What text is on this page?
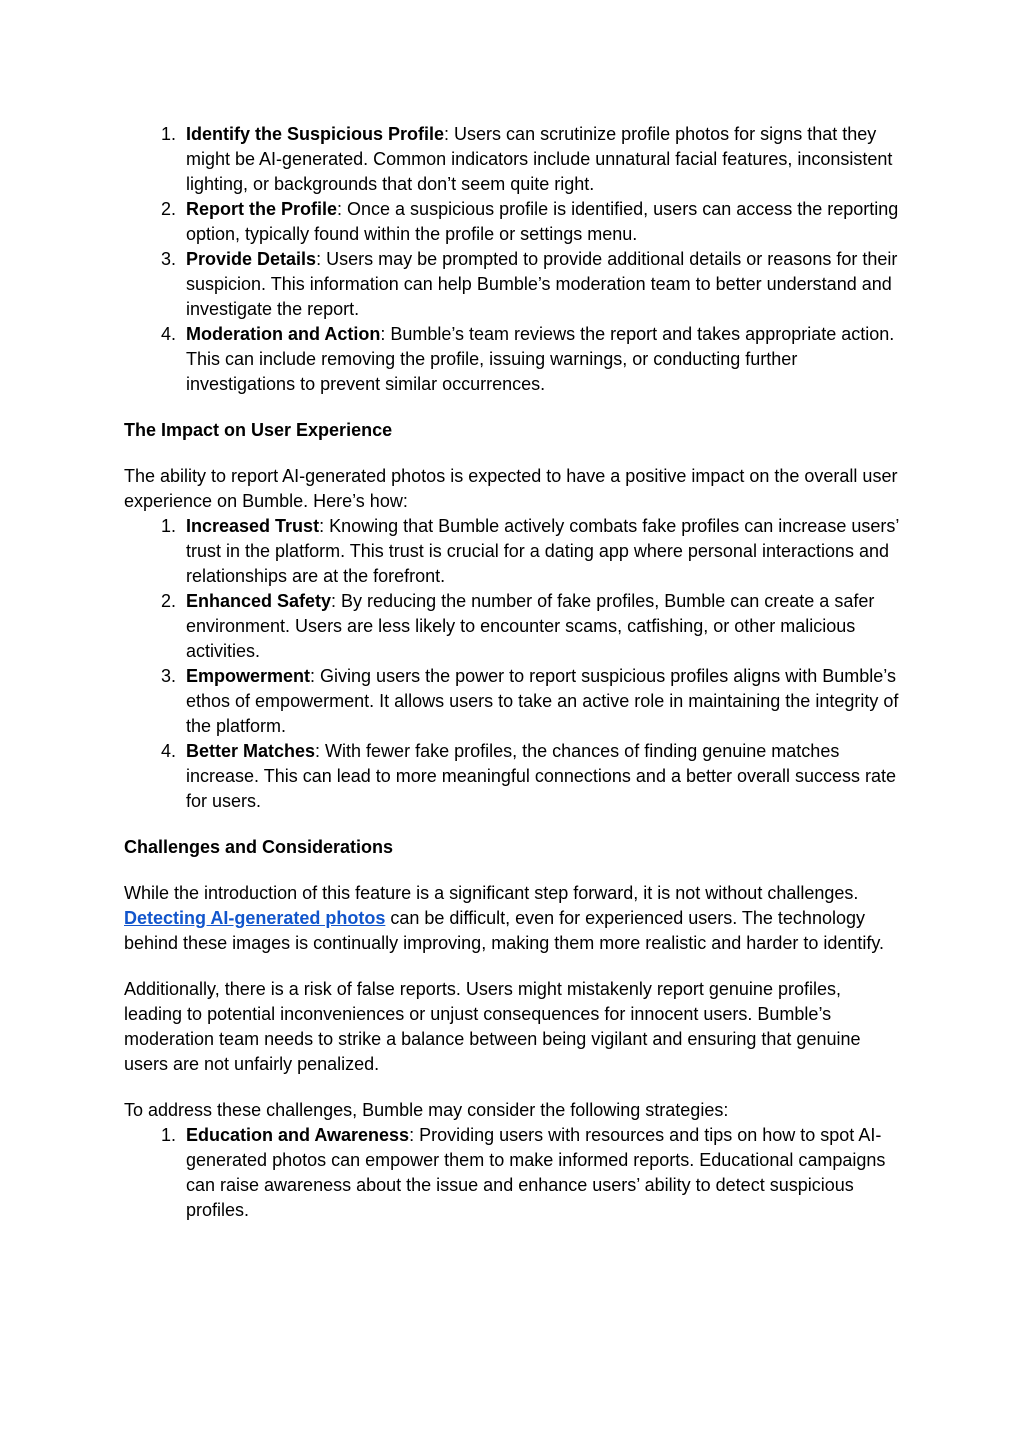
1. Identify the Suspicious Profile: Users can scrutinize profile photos for signs that they might be AI-generated. Common indicators include unnatural facial features, inconsistent lighting, or backgrounds that don’t seem quite right.
2. Report the Profile: Once a suspicious profile is identified, users can access the reporting option, typically found within the profile or settings menu.
3. Provide Details: Users may be prompted to provide additional details or reasons for their suspicion. This information can help Bumble’s moderation team to better understand and investigate the report.
4. Moderation and Action: Bumble’s team reviews the report and takes appropriate action. This can include removing the profile, issuing warnings, or conducting further investigations to prevent similar occurrences.

The Impact on User Experience

The ability to report AI-generated photos is expected to have a positive impact on the overall user experience on Bumble. Here’s how:

1. Increased Trust: Knowing that Bumble actively combats fake profiles can increase users’ trust in the platform. This trust is crucial for a dating app where personal interactions and relationships are at the forefront.
2. Enhanced Safety: By reducing the number of fake profiles, Bumble can create a safer environment. Users are less likely to encounter scams, catfishing, or other malicious activities.
3. Empowerment: Giving users the power to report suspicious profiles aligns with Bumble’s ethos of empowerment. It allows users to take an active role in maintaining the integrity of the platform.
4. Better Matches: With fewer fake profiles, the chances of finding genuine matches increase. This can lead to more meaningful connections and a better overall success rate for users.

Challenges and Considerations

While the introduction of this feature is a significant step forward, it is not without challenges. Detecting AI-generated photos can be difficult, even for experienced users. The technology behind these images is continually improving, making them more realistic and harder to identify.

Additionally, there is a risk of false reports. Users might mistakenly report genuine profiles, leading to potential inconveniences or unjust consequences for innocent users. Bumble’s moderation team needs to strike a balance between being vigilant and ensuring that genuine users are not unfairly penalized.

To address these challenges, Bumble may consider the following strategies:

1. Education and Awareness: Providing users with resources and tips on how to spot AI-generated photos can empower them to make informed reports. Educational campaigns can raise awareness about the issue and enhance users’ ability to detect suspicious profiles.
